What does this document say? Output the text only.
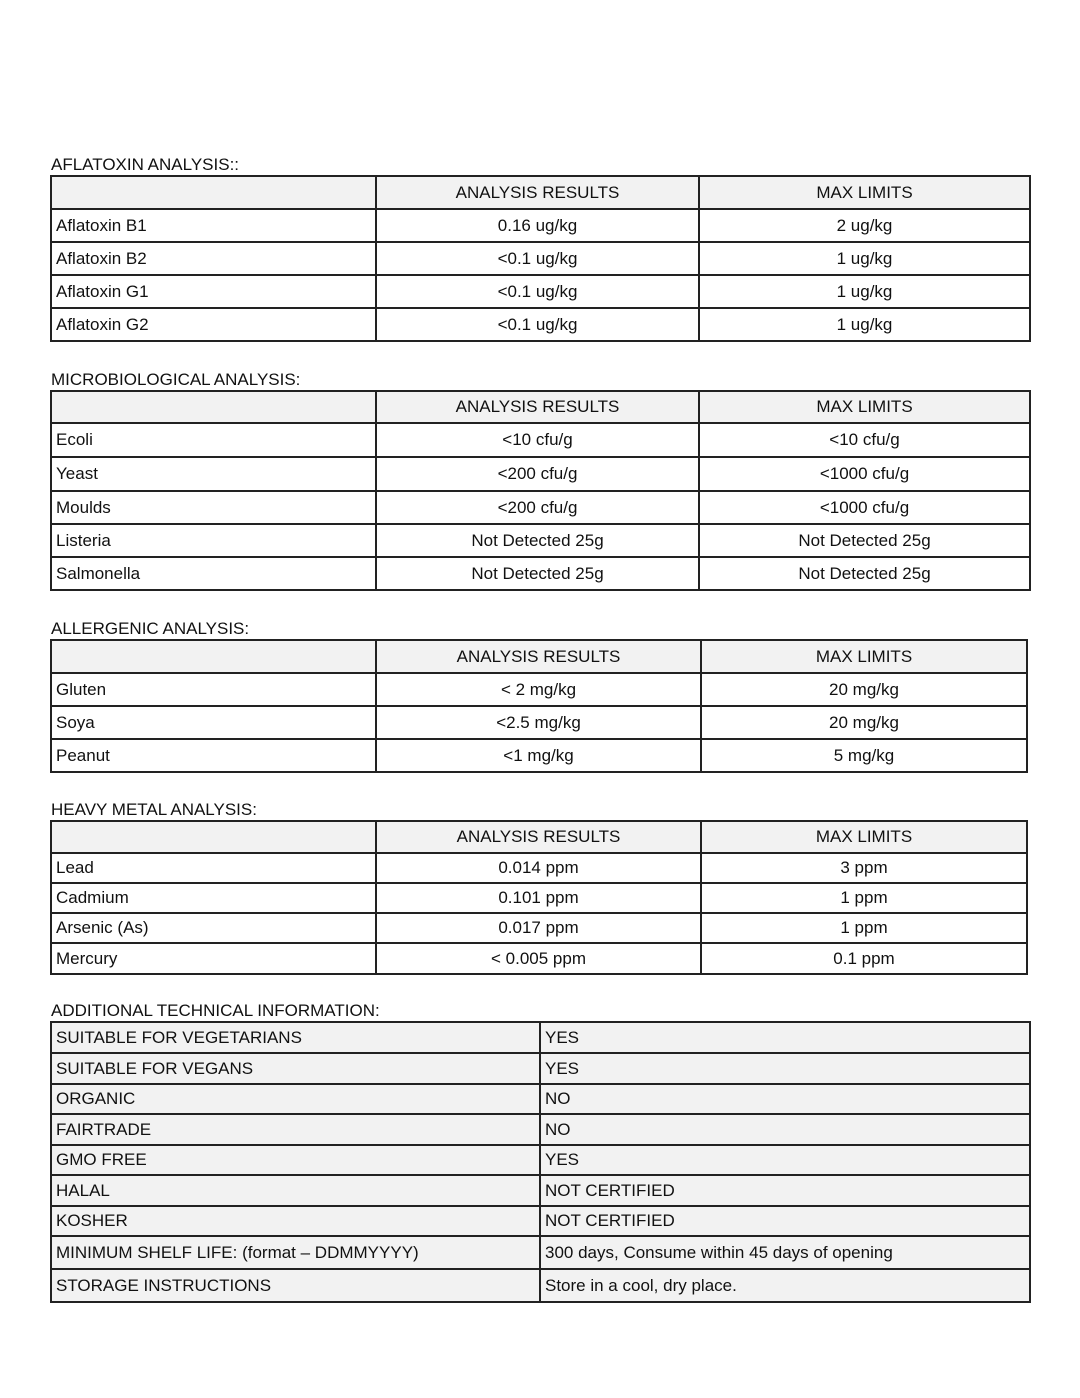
AFLATOXIN ANALYSIS::
	ANALYSIS RESULTS	MAX LIMITS
Aflatoxin B1	0.16 ug/kg	2 ug/kg
Aflatoxin B2	<0.1 ug/kg	1 ug/kg
Aflatoxin G1	<0.1 ug/kg	1 ug/kg
Aflatoxin G2	<0.1 ug/kg	1 ug/kg
MICROBIOLOGICAL ANALYSIS:
	ANALYSIS RESULTS	MAX LIMITS
Ecoli	<10 cfu/g	<10 cfu/g
Yeast	<200 cfu/g	<1000 cfu/g
Moulds	<200 cfu/g	<1000 cfu/g
Listeria	Not Detected 25g	Not Detected 25g
Salmonella	Not Detected 25g	Not Detected 25g
ALLERGENIC ANALYSIS:
	ANALYSIS RESULTS	MAX LIMITS
Gluten	< 2 mg/kg	20 mg/kg
Soya	<2.5 mg/kg	20 mg/kg
Peanut	<1 mg/kg	5 mg/kg
HEAVY METAL ANALYSIS:
	ANALYSIS RESULTS	MAX LIMITS
Lead	0.014 ppm	3 ppm
Cadmium	0.101 ppm	1 ppm
Arsenic (As)	0.017 ppm	1 ppm
Mercury	< 0.005 ppm	0.1 ppm
ADDITIONAL TECHNICAL INFORMATION:
SUITABLE FOR VEGETARIANS	YES
SUITABLE FOR VEGANS	YES
ORGANIC	NO
FAIRTRADE	NO
GMO FREE	YES
HALAL	NOT CERTIFIED
KOSHER	NOT CERTIFIED
MINIMUM SHELF LIFE: (format – DDMMYYYY)	300 days, Consume within 45 days of opening
STORAGE INSTRUCTIONS	Store in a cool, dry place.
